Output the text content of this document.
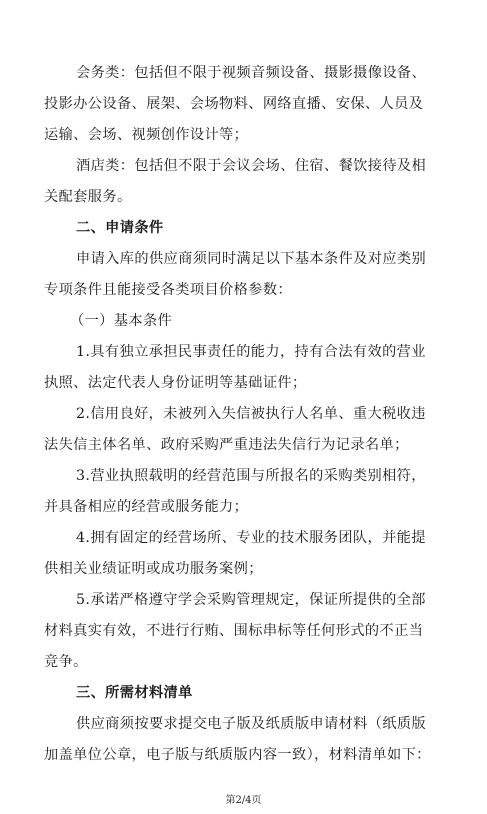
会务类：包括但不限于视频音频设备、摄影摄像设备、
投影办公设备、展架、会场物料、网络直播、安保、人员及
运输、会场、视频创作设计等；
酒店类：包括但不限于会议会场、住宿、餐饮接待及相
关配套服务。
二、申请条件
申请入库的供应商须同时满足以下基本条件及对应类别
专项条件且能接受各类项目价格参数：
（一）基本条件
1.具有独立承担民事责任的能力，持有合法有效的营业
执照、法定代表人身份证明等基础证件；
2.信用良好，未被列入失信被执行人名单、重大税收违
法失信主体名单、政府采购严重违法失信行为记录名单；
3.营业执照载明的经营范围与所报名的采购类别相符，
并具备相应的经营或服务能力；
4.拥有固定的经营场所、专业的技术服务团队，并能提
供相关业绩证明或成功服务案例；
5.承诺严格遵守学会采购管理规定，保证所提供的全部
材料真实有效，不进行行贿、围标串标等任何形式的不正当
竞争。
三、所需材料清单
供应商须按要求提交电子版及纸质版申请材料（纸质版
加盖单位公章，电子版与纸质版内容一致），材料清单如下：
第2/4页
